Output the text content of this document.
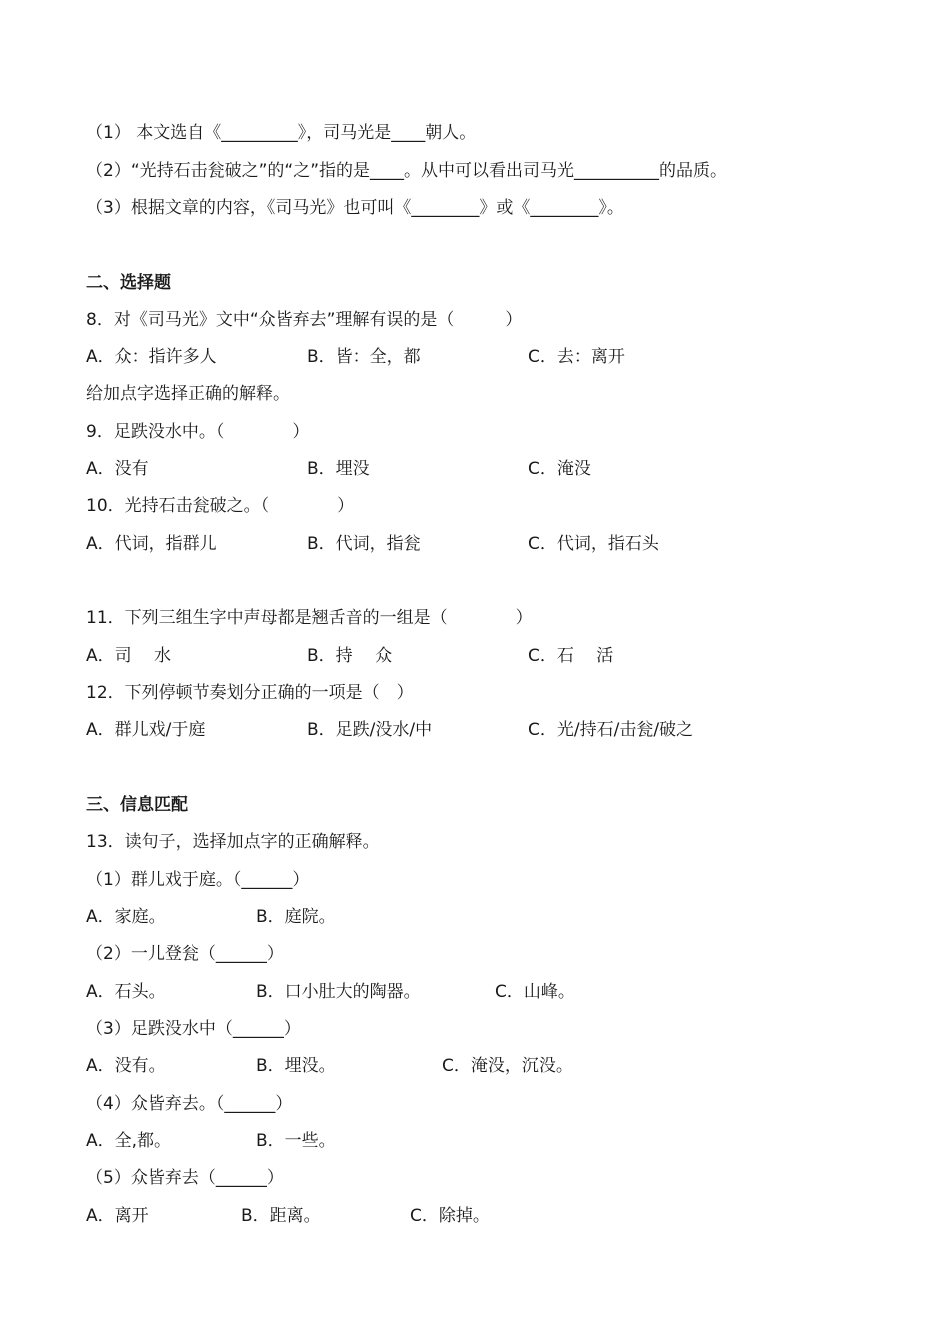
（1） 本文选自《_________》，司马光是____朝人。

（2）“光持石击瓮破之”的“之”指的是____。从中可以看出司马光__________的品质。

（3）根据文章的内容，《司马光》也可叫《________》或《________》。

二、选择题

8．对《司马光》文中“众皆弃去”理解有误的是（　　　）

A．众：指许多人	B．皆：全，都	C．去：离开

给加点字选择正确的解释。

9．足跌没水中。（　　　　）

A．没有	B．埋没	C．淹没

10．光持石击瓮破之。（　　　　）

A．代词，指群儿	B．代词，指瓮	C．代词，指石头

11．下列三组生字中声母都是翘舌音的一组是（　　　　）

A．司　 水	B．持　 众	C．石　 活

12．下列停顿节奏划分正确的一项是（　）

A．群儿戏/于庭	B．足跌/没水/中	C．光/持石/击瓮/破之

三、信息匹配

13．读句子，选择加点字的正确解释。

（1）群儿戏于庭。（______）

A．家庭。	B．庭院。

（2）一儿登瓮（______）

A．石头。	B．口小肚大的陶器。	C．山峰。

（3）足跌没水中（______）

A．没有。	B．埋没。	C．淹没，沉没。

（4）众皆弃去。（______）

A．全,都。	B．一些。

（5）众皆弃去（______）

A．离开	B．距离。	C．除掉。
